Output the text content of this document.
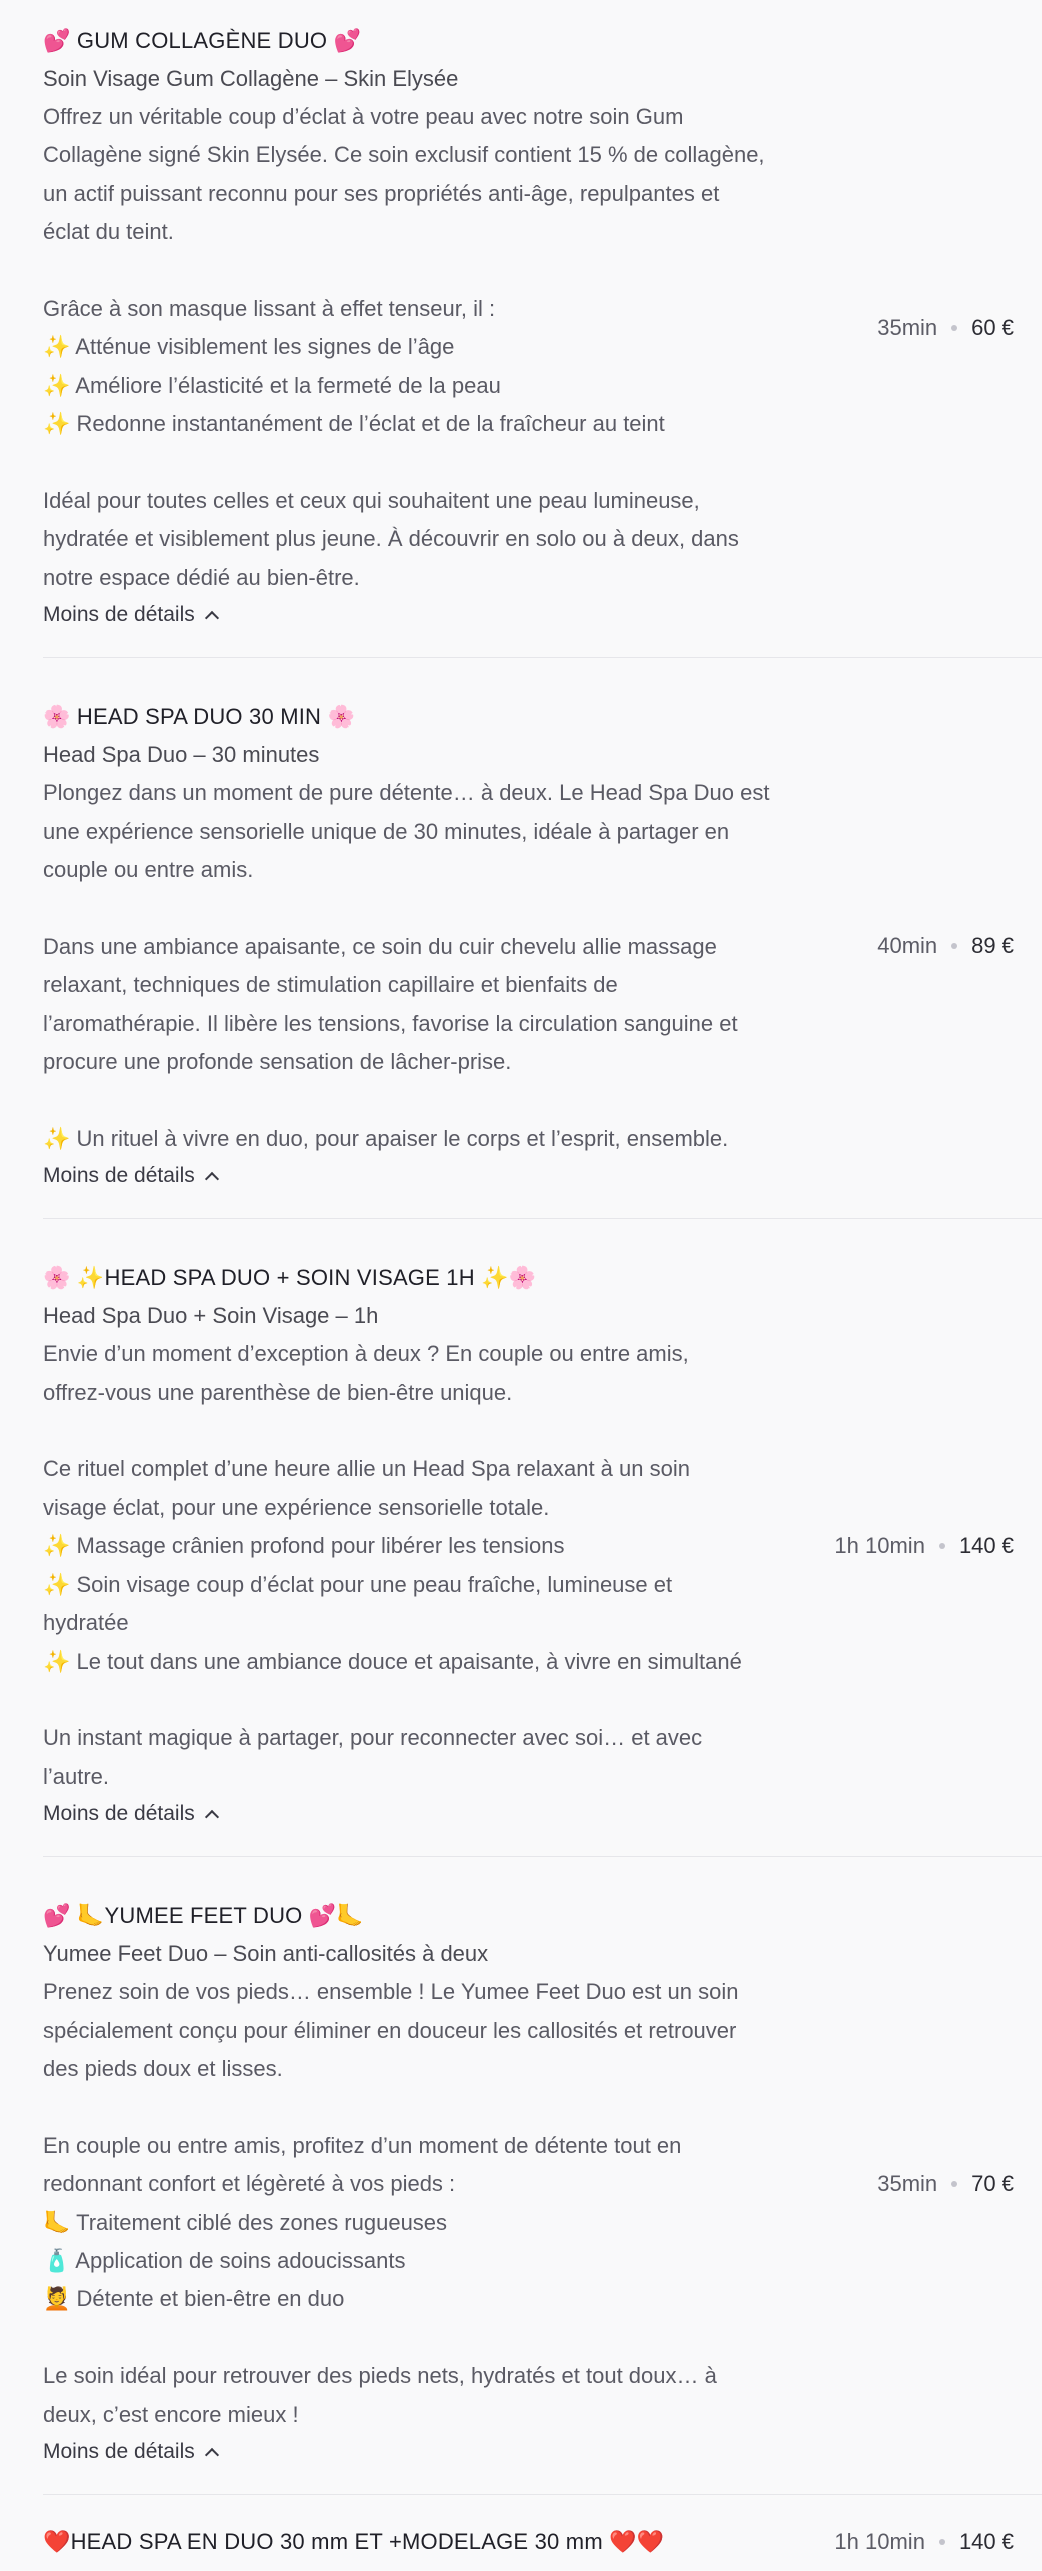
💕 GUM COLLAGÈNE DUO 💕
Soin Visage Gum Collagène – Skin Elysée

Offrez un véritable coup d’éclat à votre peau avec notre soin Gum

Collagène signé Skin Elysée. Ce soin exclusif contient 15 % de collagène,

un actif puissant reconnu pour ses propriétés anti-âge, repulpantes et

éclat du teint.

Grâce à son masque lissant à effet tenseur, il :

✨ Atténue visiblement les signes de l’âge

✨ Améliore l’élasticité et la fermeté de la peau

✨ Redonne instantanément de l’éclat et de la fraîcheur au teint

Idéal pour toutes celles et ceux qui souhaitent une peau lumineuse,

hydratée et visiblement plus jeune. À découvrir en solo ou à deux, dans

notre espace dédié au bien-être.

Moins de détails
35min 60 €
🌸 HEAD SPA DUO 30 MIN 🌸
Head Spa Duo – 30 minutes

Plongez dans un moment de pure détente… à deux. Le Head Spa Duo est

une expérience sensorielle unique de 30 minutes, idéale à partager en

couple ou entre amis.

Dans une ambiance apaisante, ce soin du cuir chevelu allie massage

relaxant, techniques de stimulation capillaire et bienfaits de

l’aromathérapie. Il libère les tensions, favorise la circulation sanguine et

procure une profonde sensation de lâcher-prise.

✨ Un rituel à vivre en duo, pour apaiser le corps et l’esprit, ensemble.

Moins de détails
40min 89 €
🌸 ✨HEAD SPA DUO + SOIN VISAGE 1H ✨🌸
Head Spa Duo + Soin Visage – 1h

Envie d’un moment d’exception à deux ? En couple ou entre amis,

offrez-vous une parenthèse de bien-être unique.

Ce rituel complet d’une heure allie un Head Spa relaxant à un soin

visage éclat, pour une expérience sensorielle totale.

✨ Massage crânien profond pour libérer les tensions

✨ Soin visage coup d’éclat pour une peau fraîche, lumineuse et

hydratée

✨ Le tout dans une ambiance douce et apaisante, à vivre en simultané

Un instant magique à partager, pour reconnecter avec soi… et avec

l’autre.

Moins de détails
1h 10min 140 €
💕 🦶YUMEE FEET DUO 💕🦶
Yumee Feet Duo – Soin anti-callosités à deux

Prenez soin de vos pieds… ensemble ! Le Yumee Feet Duo est un soin

spécialement conçu pour éliminer en douceur les callosités et retrouver

des pieds doux et lisses.

En couple ou entre amis, profitez d’un moment de détente tout en

redonnant confort et légèreté à vos pieds :

🦶 Traitement ciblé des zones rugueuses

🧴 Application de soins adoucissants

💆 Détente et bien-être en duo

Le soin idéal pour retrouver des pieds nets, hydratés et tout doux… à

deux, c’est encore mieux !

Moins de détails
35min 70 €
❤️HEAD SPA EN DUO 30 mm ET +MODELAGE 30 mm ❤️❤️	1h 10min 140 €
